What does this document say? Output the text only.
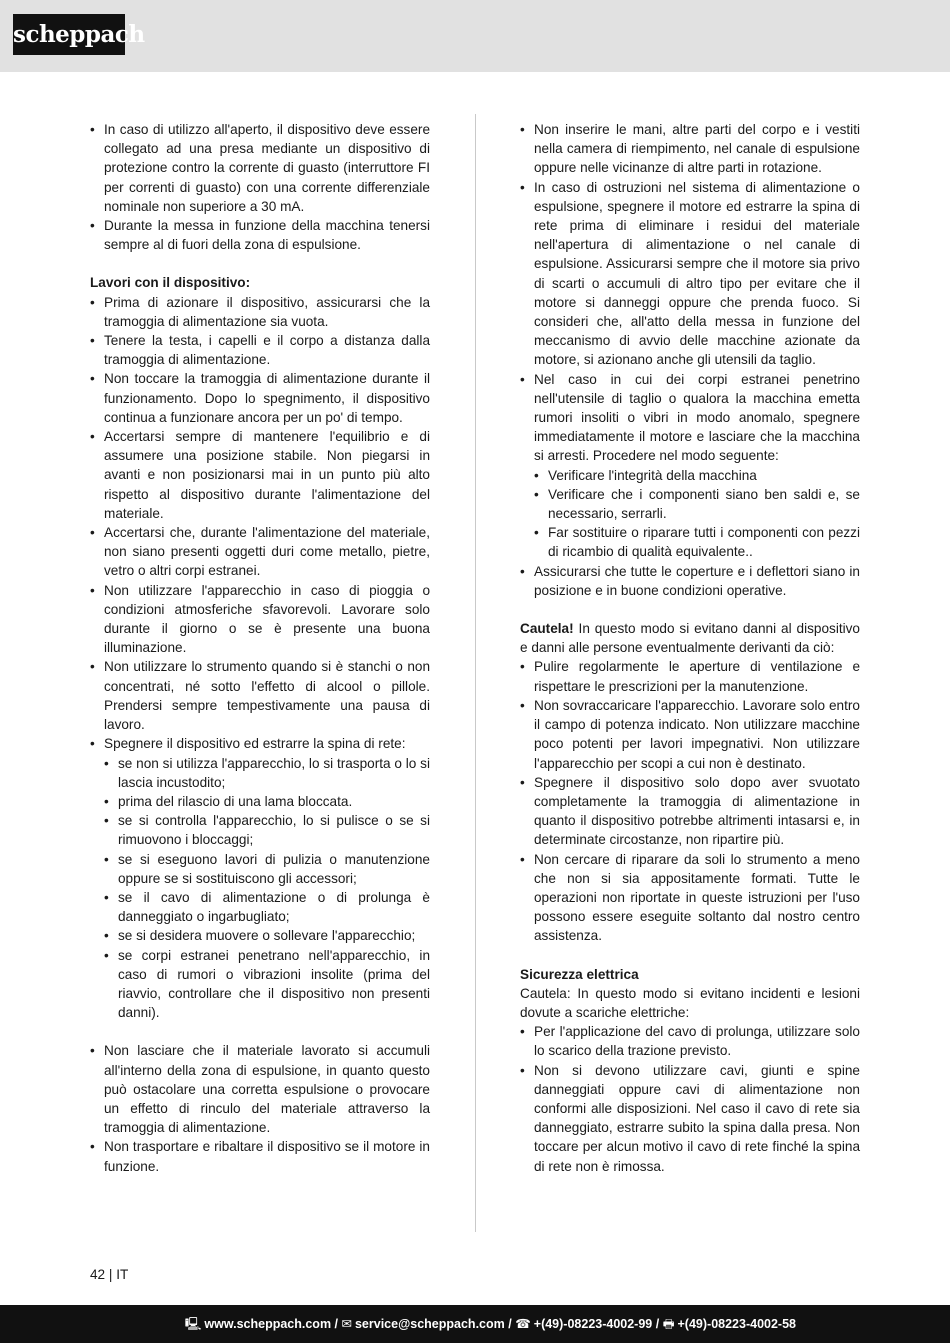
scheppach
• In caso di utilizzo all'aperto, il dispositivo deve essere collegato ad una presa mediante un dispositivo di protezione contro la corrente di guasto (interruttore FI per correnti di guasto) con una corrente differenziale nominale non superiore a 30 mA.
• Durante la messa in funzione della macchina tenersi sempre al di fuori della zona di espulsione.

Lavori con il dispositivo:

• Prima di azionare il dispositivo, assicurarsi che la tramoggia di alimentazione sia vuota.
• Tenere la testa, i capelli e il corpo a distanza dalla tramoggia di alimentazione.
• Non toccare la tramoggia di alimentazione durante il funzionamento. Dopo lo spegnimento, il dispositivo continua a funzionare ancora per un po' di tempo.
• Accertarsi sempre di mantenere l'equilibrio e di assumere una posizione stabile. Non piegarsi in avanti e non posizionarsi mai in un punto più alto rispetto al dispositivo durante l'alimentazione del materiale.
• Accertarsi che, durante l'alimentazione del materiale, non siano presenti oggetti duri come metallo, pietre, vetro o altri corpi estranei.
• Non utilizzare l'apparecchio in caso di pioggia o condizioni atmosferiche sfavorevoli. Lavorare solo durante il giorno o se è presente una buona illuminazione.
• Non utilizzare lo strumento quando si è stanchi o non concentrati, né sotto l'effetto di alcool o pillole. Prendersi sempre tempestivamente una pausa di lavoro.
• Spegnere il dispositivo ed estrarre la spina di rete:
• se non si utilizza l'apparecchio, lo si trasporta o lo si lascia incustodito;
• prima del rilascio di una lama bloccata.
• se si controlla l'apparecchio, lo si pulisce o se si rimuovono i bloccaggi;
• se si eseguono lavori di pulizia o manutenzione oppure se si sostituiscono gli accessori;
• se il cavo di alimentazione o di prolunga è danneggiato o ingarbugliato;
• se si desidera muovere o sollevare l'apparecchio;
• se corpi estranei penetrano nell'apparecchio, in caso di rumori o vibrazioni insolite (prima del riavvio, controllare che il dispositivo non presenti danni).
• Non lasciare che il materiale lavorato si accumuli all'interno della zona di espulsione, in quanto questo può ostacolare una corretta espulsione o provocare un effetto di rinculo del materiale attraverso la tramoggia di alimentazione.
• Non trasportare e ribaltare il dispositivo se il motore in funzione.
• Non inserire le mani, altre parti del corpo e i vestiti nella camera di riempimento, nel canale di espulsione oppure nelle vicinanze di altre parti in rotazione.
• In caso di ostruzioni nel sistema di alimentazione o espulsione, spegnere il motore ed estrarre la spina di rete prima di eliminare i residui del materiale nell'apertura di alimentazione o nel canale di espulsione. Assicurarsi sempre che il motore sia privo di scarti o accumuli di altro tipo per evitare che il motore si danneggi oppure che prenda fuoco. Si consideri che, all'atto della messa in funzione del meccanismo di avvio delle macchine azionate da motore, si azionano anche gli utensili da taglio.
• Nel caso in cui dei corpi estranei penetrino nell'utensile di taglio o qualora la macchina emetta rumori insoliti o vibri in modo anomalo, spegnere immediatamente il motore e lasciare che la macchina si arresti. Procedere nel modo seguente:
• Verificare l'integrità della macchina
• Verificare che i componenti siano ben saldi e, se necessario, serrarli.
• Far sostituire o riparare tutti i componenti con pezzi di ricambio di qualità equivalente..
• Assicurarsi che tutte le coperture e i deflettori siano in posizione e in buone condizioni operative.

Cautela! In questo modo si evitano danni al dispositivo e danni alle persone eventualmente derivanti da ciò:

• Pulire regolarmente le aperture di ventilazione e rispettare le prescrizioni per la manutenzione.
• Non sovraccaricare l'apparecchio. Lavorare solo entro il campo di potenza indicato. Non utilizzare macchine poco potenti per lavori impegnativi. Non utilizzare l'apparecchio per scopi a cui non è destinato.
• Spegnere il dispositivo solo dopo aver svuotato completamente la tramoggia di alimentazione in quanto il dispositivo potrebbe altrimenti intasarsi e, in determinate circostanze, non ripartire più.
• Non cercare di riparare da soli lo strumento a meno che non si sia appositamente formati. Tutte le operazioni non riportate in queste istruzioni per l'uso possono essere eseguite soltanto dal nostro centro assistenza.

Sicurezza elettrica

Cautela: In questo modo si evitano incidenti e lesioni dovute a scariche elettriche:

• Per l'applicazione del cavo di prolunga, utilizzare solo lo scarico della trazione previsto.
• Non si devono utilizzare cavi, giunti e spine danneggiati oppure cavi di alimentazione non conformi alle disposizioni. Nel caso il cavo di rete sia danneggiato, estrarre subito la spina dalla presa. Non toccare per alcun motivo il cavo di rete finché la spina di rete non è rimossa.
42 | IT
🖳 www.scheppach.com / ✉ service@scheppach.com / ☎ +(49)-08223-4002-99 / 🖶 +(49)-08223-4002-58
